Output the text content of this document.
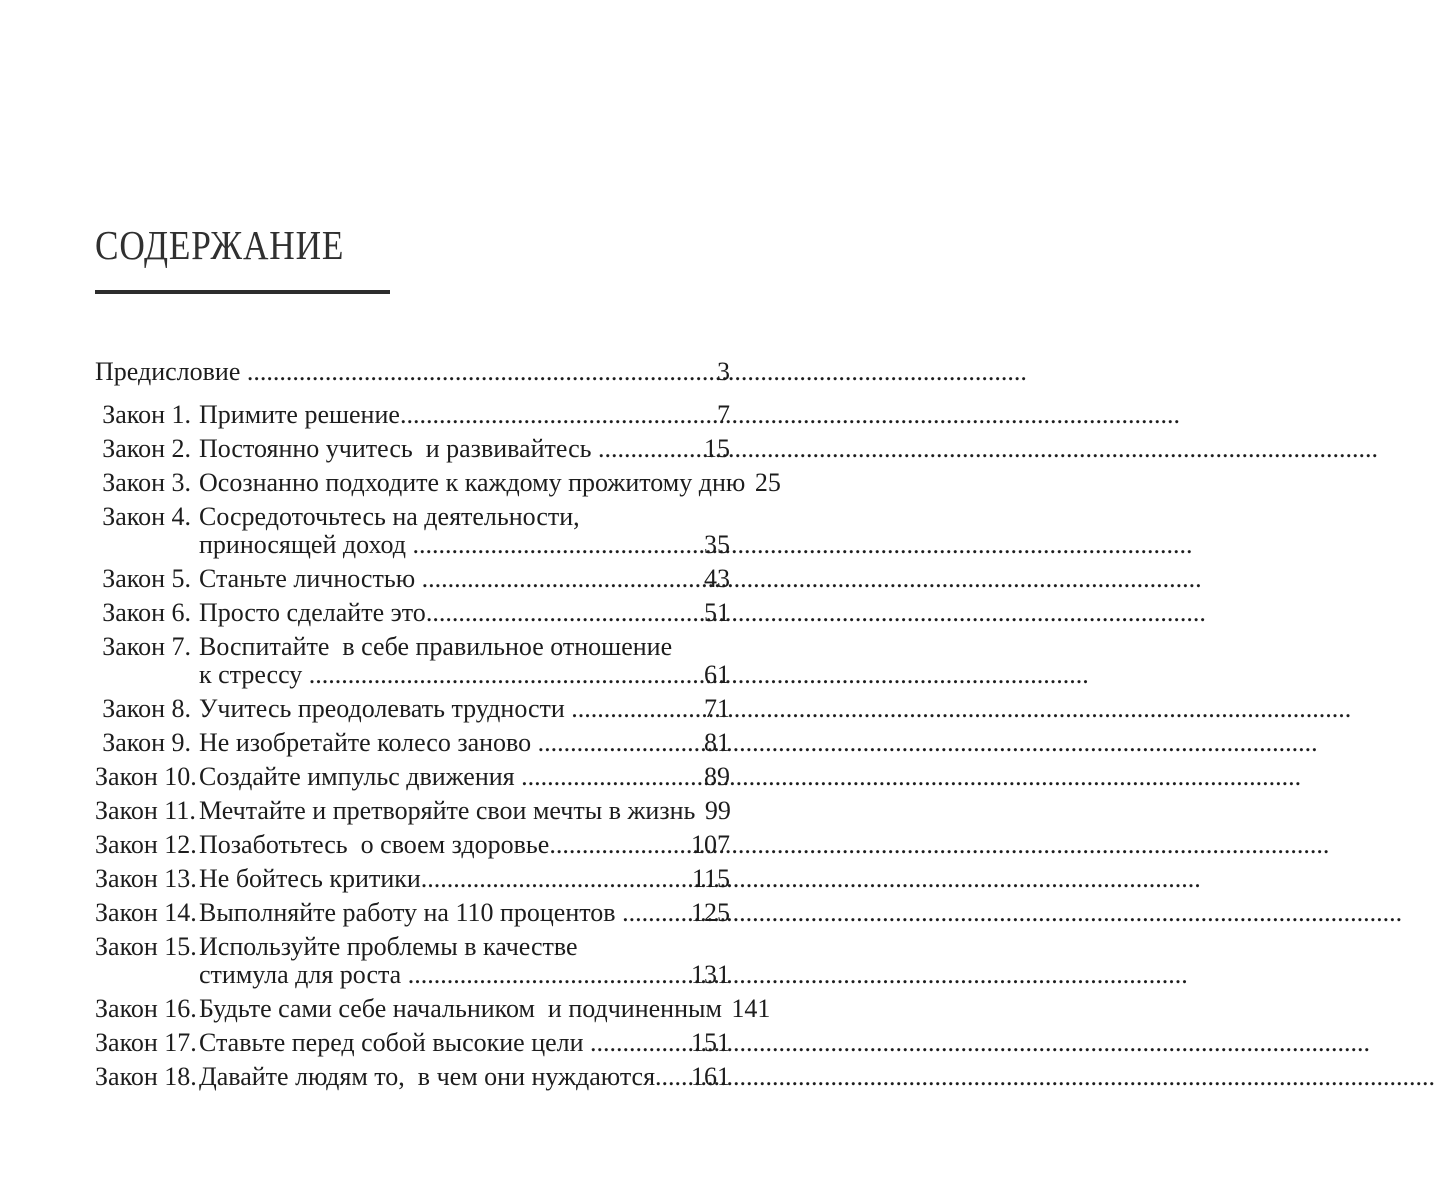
СОДЕРЖАНИЕ
Предисловие .....	3
Закон 1. Примите решение .....	7
Закон 2. Постоянно учитесь  и развивайтесь .....	15
Закон 3. Осознанно подходите к каждому прожитому дню 25
Закон 4. Сосредоточьтесь на деятельности,
приносящей доход .....	35
Закон 5. Станьте личностью .....	43
Закон 6. Просто сделайте это .....	51
Закон 7. Воспитайте  в себе правильное отношение
к стрессу .....	61
Закон 8. Учитесь преодолевать трудности .....	71
Закон 9. Не изобретайте колесо заново .....	81
Закон 10. Создайте импульс движения .....	89
Закон 11. Мечтайте и претворяйте свои мечты в жизнь 99
Закон 12. Позаботьтесь  о своем здоровье .....	107
Закон 13. Не бойтесь критики .....	115
Закон 14. Выполняйте работу на 110 процентов .....	125
Закон 15. Используйте проблемы в качестве
стимула для роста .....	131
Закон 16. Будьте сами себе начальником  и подчиненным 141
Закон 17. Ставьте перед собой высокие цели .....	151
Закон 18. Давайте людям то,  в чем они нуждаются ..... 161
